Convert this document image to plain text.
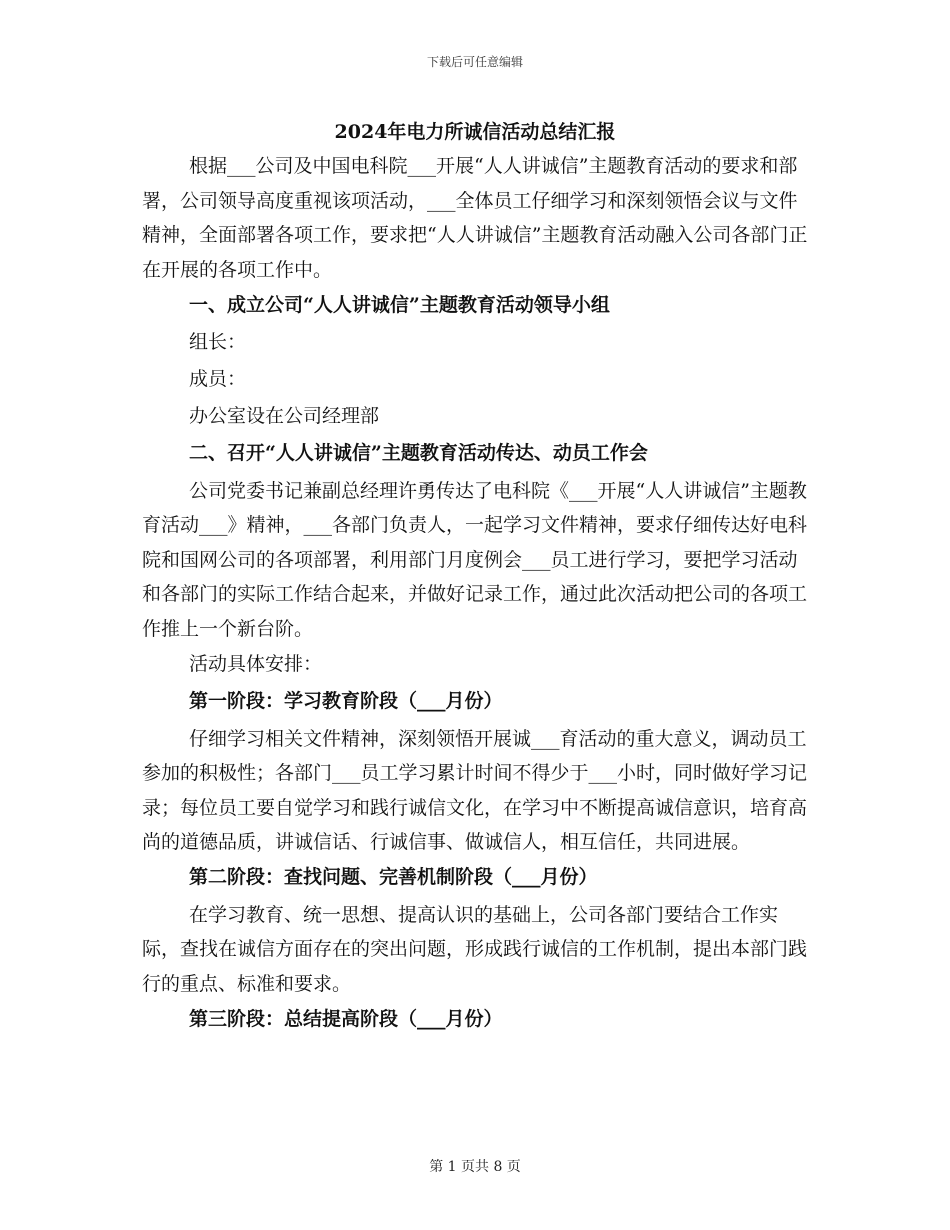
下载后可任意编辑
2024年电力所诚信活动总结汇报
根据___公司及中国电科院___开展“人人讲诚信”主题教育活动的要求和部署，公司领导高度重视该项活动，___全体员工仔细学习和深刻领悟会议与文件精神，全面部署各项工作，要求把“人人讲诚信”主题教育活动融入公司各部门正在开展的各项工作中。
一、成立公司“人人讲诚信”主题教育活动领导小组
组长：
成员：
办公室设在公司经理部
二、召开“人人讲诚信”主题教育活动传达、动员工作会
公司党委书记兼副总经理许勇传达了电科院《___开展“人人讲诚信”主题教育活动___》精神，___各部门负责人，一起学习文件精神，要求仔细传达好电科院和国网公司的各项部署，利用部门月度例会___员工进行学习，要把学习活动和各部门的实际工作结合起来，并做好记录工作，通过此次活动把公司的各项工作推上一个新台阶。
活动具体安排：
第一阶段：学习教育阶段（___月份）
仔细学习相关文件精神，深刻领悟开展诚___育活动的重大意义，调动员工参加的积极性；各部门___员工学习累计时间不得少于___小时，同时做好学习记录；每位员工要自觉学习和践行诚信文化，在学习中不断提高诚信意识，培育高尚的道德品质，讲诚信话、行诚信事、做诚信人，相互信任，共同进展。
第二阶段：查找问题、完善机制阶段（___月份）
在学习教育、统一思想、提高认识的基础上，公司各部门要结合工作实际，查找在诚信方面存在的突出问题，形成践行诚信的工作机制，提出本部门践行的重点、标准和要求。
第三阶段：总结提高阶段（___月份）
第 1 页共 8 页
